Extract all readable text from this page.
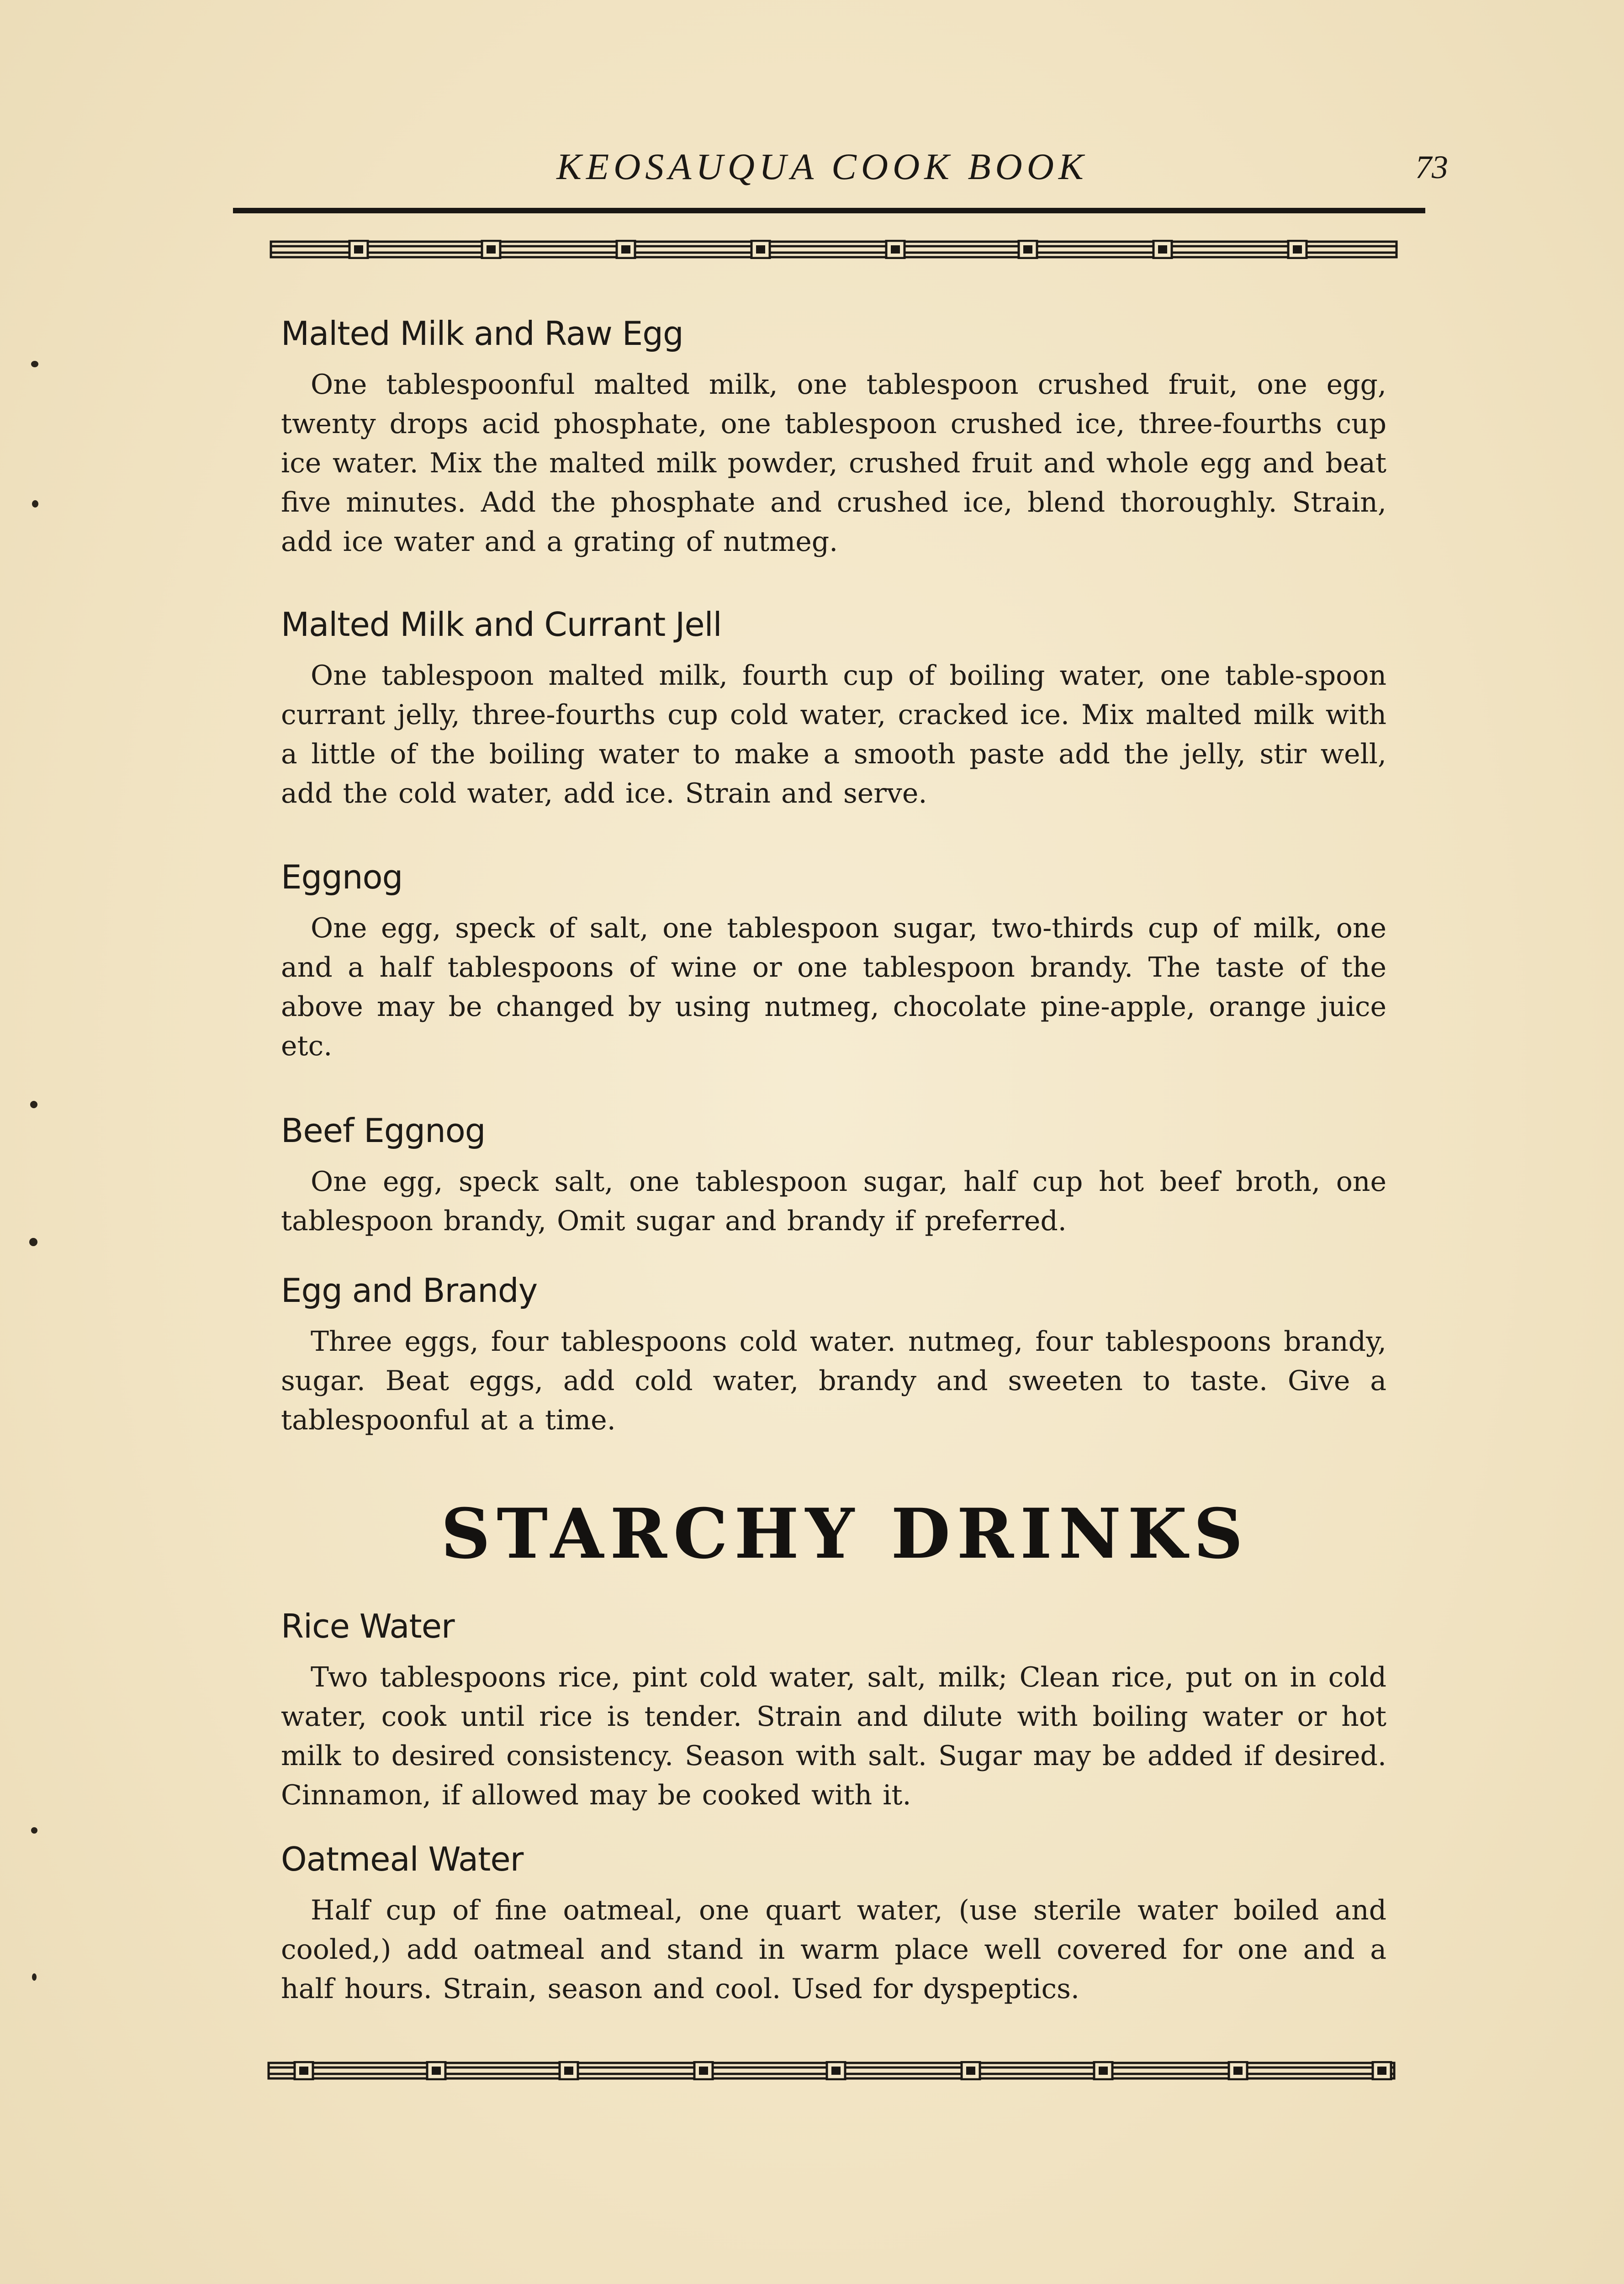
KEOSAUQUA COOK BOOK	73
Malted Milk and Raw Egg

One tablespoonful malted milk, one tablespoon crushed fruit, one egg, twenty drops acid phosphate, one tablespoon crushed ice, three-fourths cup ice water. Mix the malted milk powder, crushed fruit and whole egg and beat five minutes. Add the phosphate and crushed ice, blend thoroughly. Strain, add ice water and a grating of nutmeg.

Malted Milk and Currant Jell

One tablespoon malted milk, fourth cup of boiling water, one table-spoon currant jelly, three-fourths cup cold water, cracked ice. Mix malted milk with a little of the boiling water to make a smooth paste add the jelly, stir well, add the cold water, add ice. Strain and serve.

Eggnog

One egg, speck of salt, one tablespoon sugar, two-thirds cup of milk, one and a half tablespoons of wine or one tablespoon brandy. The taste of the above may be changed by using nutmeg, chocolate pine-apple, orange juice etc.

Beef Eggnog

One egg, speck salt, one tablespoon sugar, half cup hot beef broth, one tablespoon brandy, Omit sugar and brandy if preferred.

Egg and Brandy

Three eggs, four tablespoons cold water. nutmeg, four tablespoons brandy, sugar. Beat eggs, add cold water, brandy and sweeten to taste. Give a tablespoonful at a time.

STARCHY DRINKS
Rice Water

Two tablespoons rice, pint cold water, salt, milk; Clean rice, put on in cold water, cook until rice is tender. Strain and dilute with boiling water or hot milk to desired consistency. Season with salt. Sugar may be added if desired. Cinnamon, if allowed may be cooked with it.

Oatmeal Water

Half cup of fine oatmeal, one quart water, (use sterile water boiled and cooled,) add oatmeal and stand in warm place well covered for one and a half hours. Strain, season and cool. Used for dyspeptics.
